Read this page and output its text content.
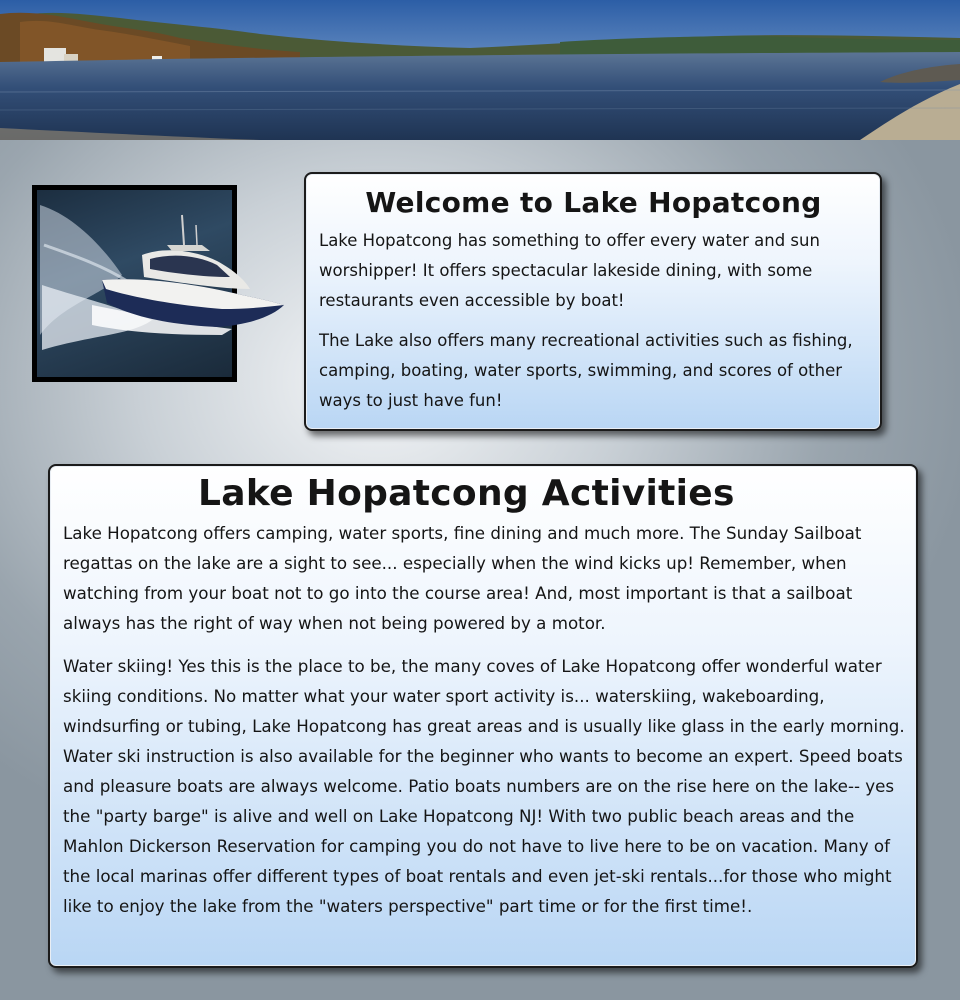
Welcome to Lake Hopatcong

Lake Hopatcong has something to offer every water and sun worshipper! It offers spectacular lakeside dining, with some restaurants even accessible by boat!

The Lake also offers many recreational activities such as fishing, camping, boating, water sports, swimming, and scores of other ways to just have fun!

Lake Hopatcong Activities

Lake Hopatcong offers camping, water sports, fine dining and much more. The Sunday Sailboat regattas on the lake are a sight to see... especially when the wind kicks up! Remember, when watching from your boat not to go into the course area! And, most important is that a sailboat always has the right of way when not being powered by a motor.

Water skiing! Yes this is the place to be, the many coves of Lake Hopatcong offer wonderful water skiing conditions. No matter what your water sport activity is... waterskiing, wakeboarding, windsurfing or tubing, Lake Hopatcong has great areas and is usually like glass in the early morning. Water ski instruction is also available for the beginner who wants to become an expert. Speed boats and pleasure boats are always welcome. Patio boats numbers are on the rise here on the lake-- yes the "party barge" is alive and well on Lake Hopatcong NJ! With two public beach areas and the Mahlon Dickerson Reservation for camping you do not have to live here to be on vacation. Many of the local marinas offer different types of boat rentals and even jet-ski rentals...for those who might like to enjoy the lake from the "waters perspective" part time or for the first time!.
